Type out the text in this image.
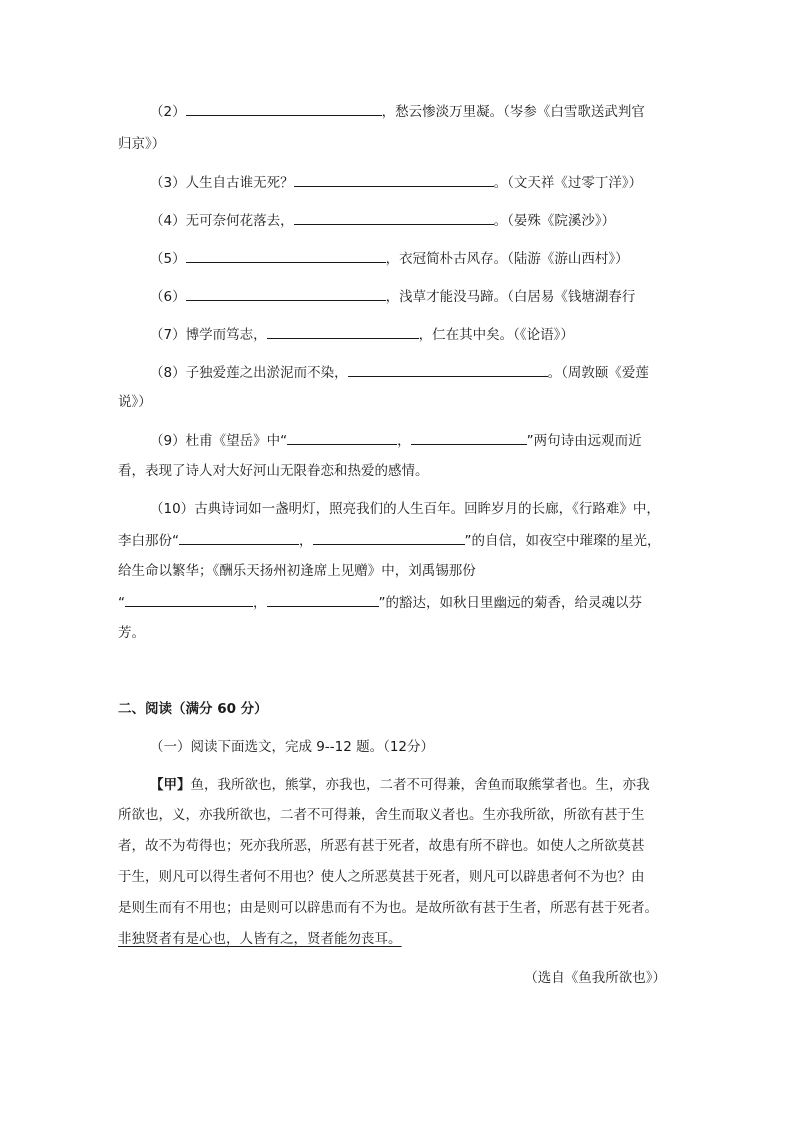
（2）	，愁云惨淡万里凝。（岑参《白雪歌送武判官
归京》）
（3）人生自古谁无死？	。（文天祥《过零丁洋》）
（4）无可奈何花落去，	。（晏殊《院溪沙》）
（5）	，衣冠简朴古风存。（陆游《游山西村》）
（6）	，浅草才能没马蹄。（白居易《钱塘湖春行
（7）博学而笃志，	，仁在其中矣。（《论语》）
（8）子独爱莲之出淤泥而不染，	。（周敦颐《爱莲
说》）
（9）杜甫《望岳》中“	，	”两句诗由远观而近
看，表现了诗人对大好河山无限眷恋和热爱的感情。
（10）古典诗词如一盏明灯，照亮我们的人生百年。回眸岁月的长廊，《行路难》中，
李白那份“	，	”的自信，如夜空中璀璨的星光，
给生命以繁华；《酬乐天扬州初逢席上见赠》中，刘禹锡那份
“	，	”的豁达，如秋日里幽远的菊香，给灵魂以芬
芳。
二、阅读（满分 60 分）
（一）阅读下面选文，完成 9--12 题。（12分）
【甲】鱼，我所欲也，熊掌，亦我也，二者不可得兼，舍鱼而取熊掌者也。生，亦我
所欲也，义，亦我所欲也，二者不可得兼，舍生而取义者也。生亦我所欲，所欲有甚于生
者，故不为苟得也；死亦我所恶，所恶有甚于死者，故患有所不辟也。如使人之所欲莫甚
于生，则凡可以得生者何不用也？使人之所恶莫甚于死者，则凡可以辟患者何不为也？由
是则生而有不用也；由是则可以辟患而有不为也。是故所欲有甚于生者，所恶有甚于死者。
非独贤者有是心也，人皆有之，贤者能勿丧耳。
（选自《鱼我所欲也》）
